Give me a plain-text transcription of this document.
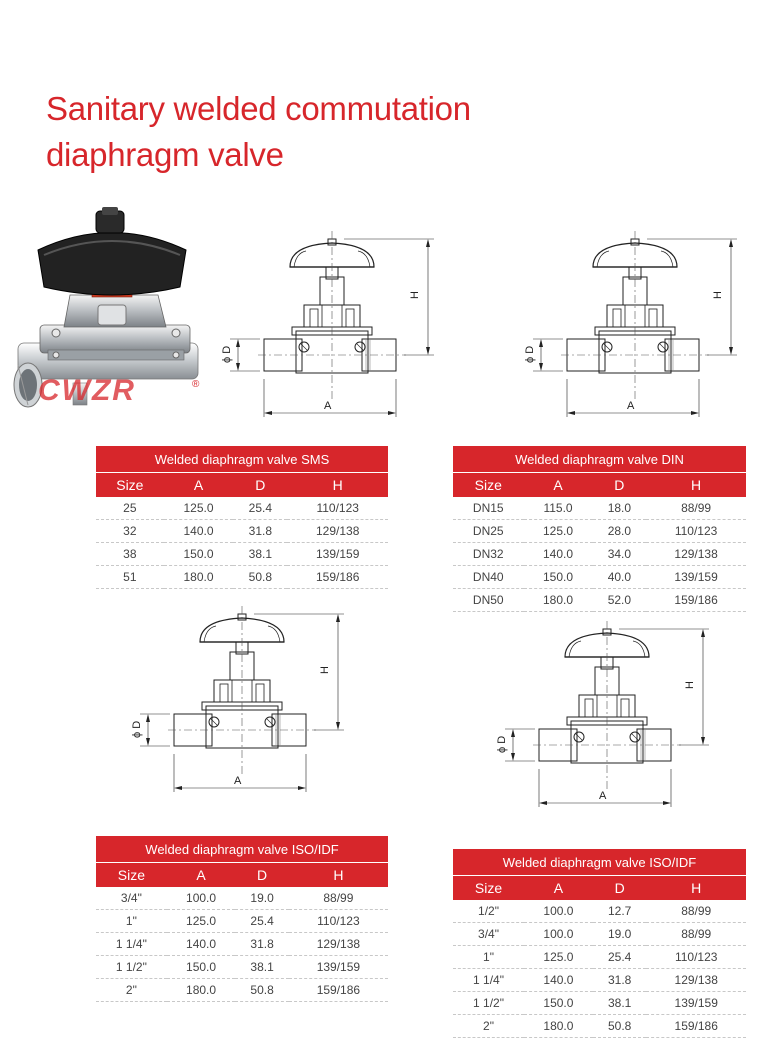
Sanitary welded commutation
diaphragm valve
CWZR	®
A
H
ϕ D
A
H
ϕ D
A
H
ϕ D
A
H
ϕ D
Welded diaphragm valve SMS			
Size	A	D	H
25	125.0	25.4	110/123
32	140.0	31.8	129/138
38	150.0	38.1	139/159
51	180.0	50.8	159/186
Welded diaphragm valve DIN			
Size	A	D	H
DN15	115.0	18.0	88/99
DN25	125.0	28.0	110/123
DN32	140.0	34.0	129/138
DN40	150.0	40.0	139/159
DN50	180.0	52.0	159/186
Welded diaphragm valve ISO/IDF			
Size	A	D	H
3/4"	100.0	19.0	88/99
1"	125.0	25.4	110/123
1 1/4"	140.0	31.8	129/138
1 1/2"	150.0	38.1	139/159
2"	180.0	50.8	159/186
Welded diaphragm valve ISO/IDF			
Size	A	D	H
1/2"	100.0	12.7	88/99
3/4"	100.0	19.0	88/99
1"	125.0	25.4	110/123
1 1/4"	140.0	31.8	129/138
1 1/2"	150.0	38.1	139/159
2"	180.0	50.8	159/186
